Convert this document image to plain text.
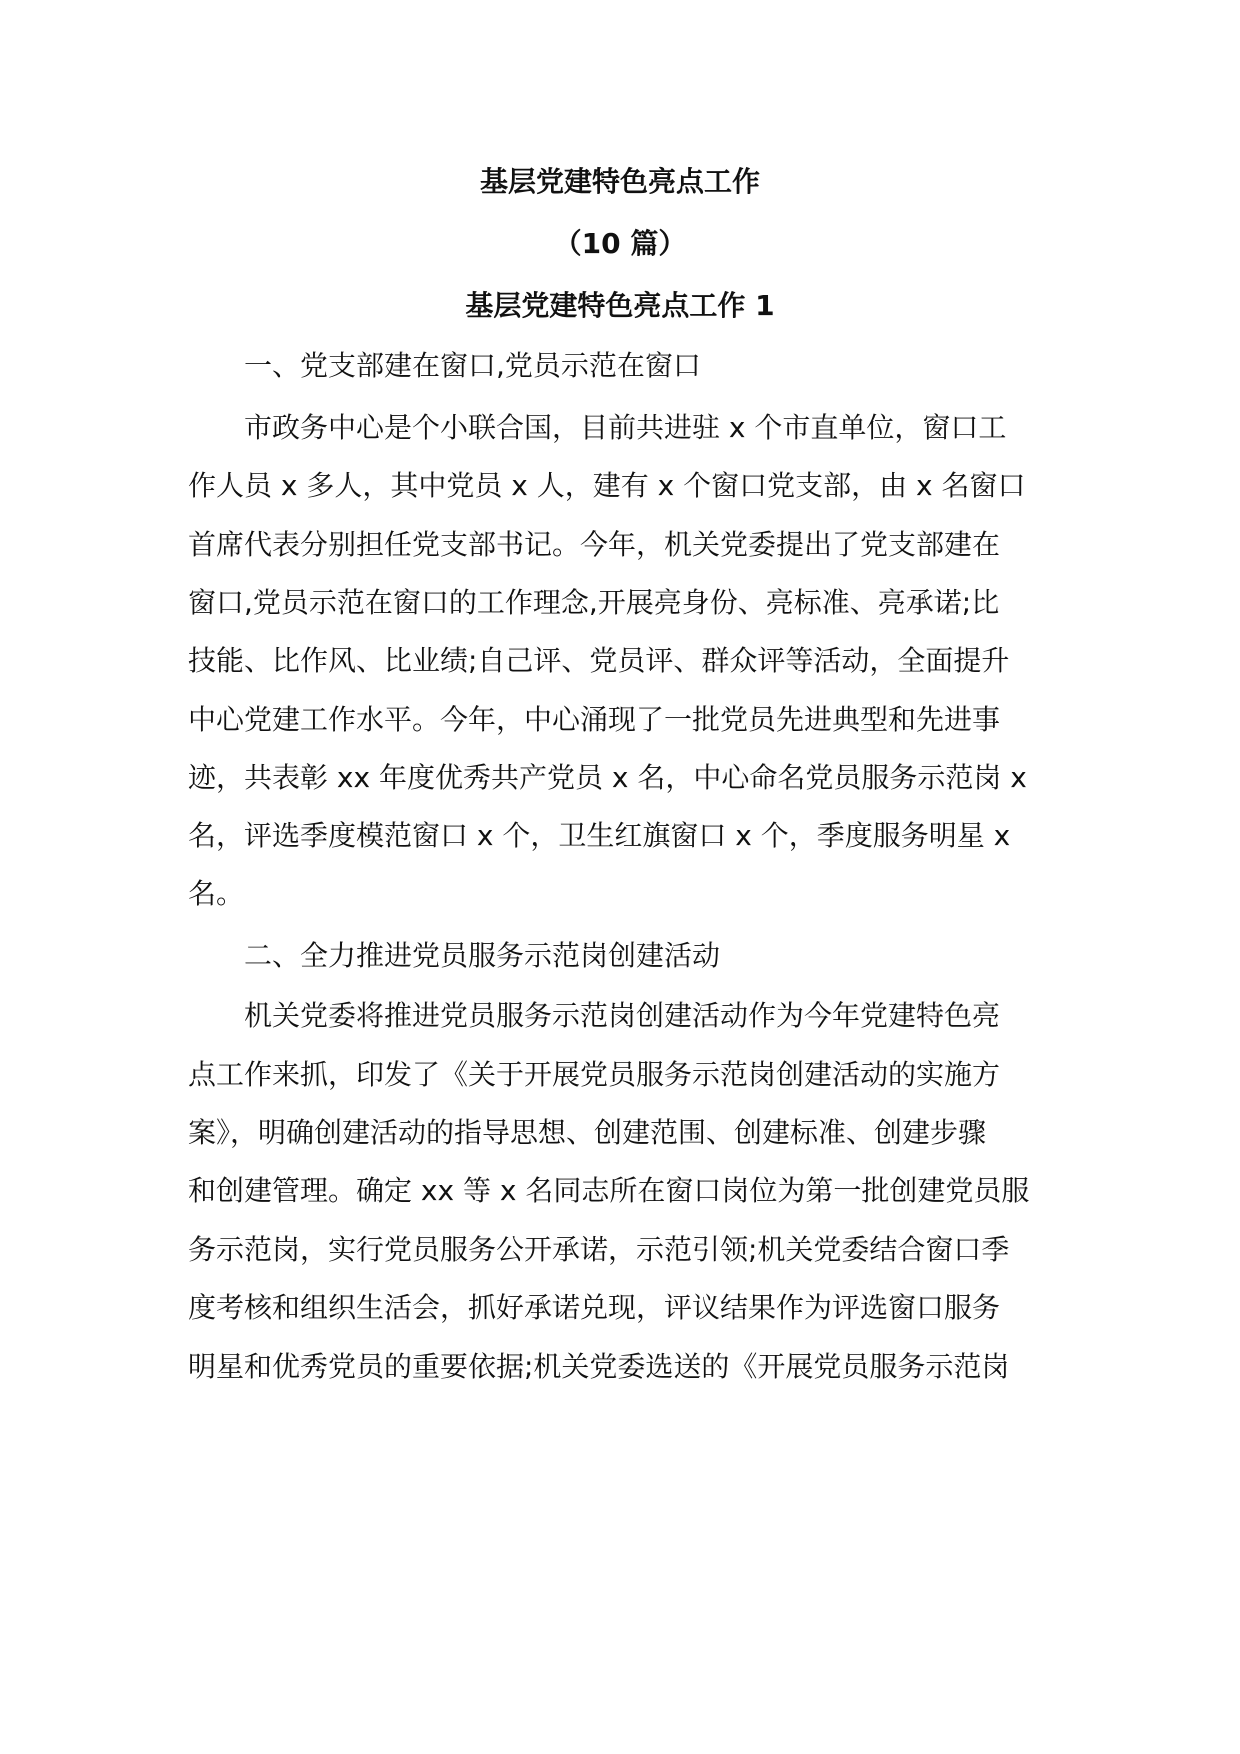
基层党建特色亮点工作
（10 篇）
基层党建特色亮点工作 1
一、党支部建在窗口,党员示范在窗口
市政务中心是个小联合国，目前共进驻 x 个市直单位，窗口工
作人员 x 多人，其中党员 x 人，建有 x 个窗口党支部，由 x 名窗口
首席代表分别担任党支部书记。今年，机关党委提出了党支部建在
窗口,党员示范在窗口的工作理念,开展亮身份、亮标准、亮承诺;比
技能、比作风、比业绩;自己评、党员评、群众评等活动，全面提升
中心党建工作水平。今年，中心涌现了一批党员先进典型和先进事
迹，共表彰 xx 年度优秀共产党员 x 名，中心命名党员服务示范岗 x
名，评选季度模范窗口 x 个，卫生红旗窗口 x 个，季度服务明星 x
名。
二、全力推进党员服务示范岗创建活动
机关党委将推进党员服务示范岗创建活动作为今年党建特色亮
点工作来抓，印发了《关于开展党员服务示范岗创建活动的实施方
案》，明确创建活动的指导思想、创建范围、创建标准、创建步骤
和创建管理。确定 xx 等 x 名同志所在窗口岗位为第一批创建党员服
务示范岗，实行党员服务公开承诺，示范引领;机关党委结合窗口季
度考核和组织生活会，抓好承诺兑现，评议结果作为评选窗口服务
明星和优秀党员的重要依据;机关党委选送的《开展党员服务示范岗
